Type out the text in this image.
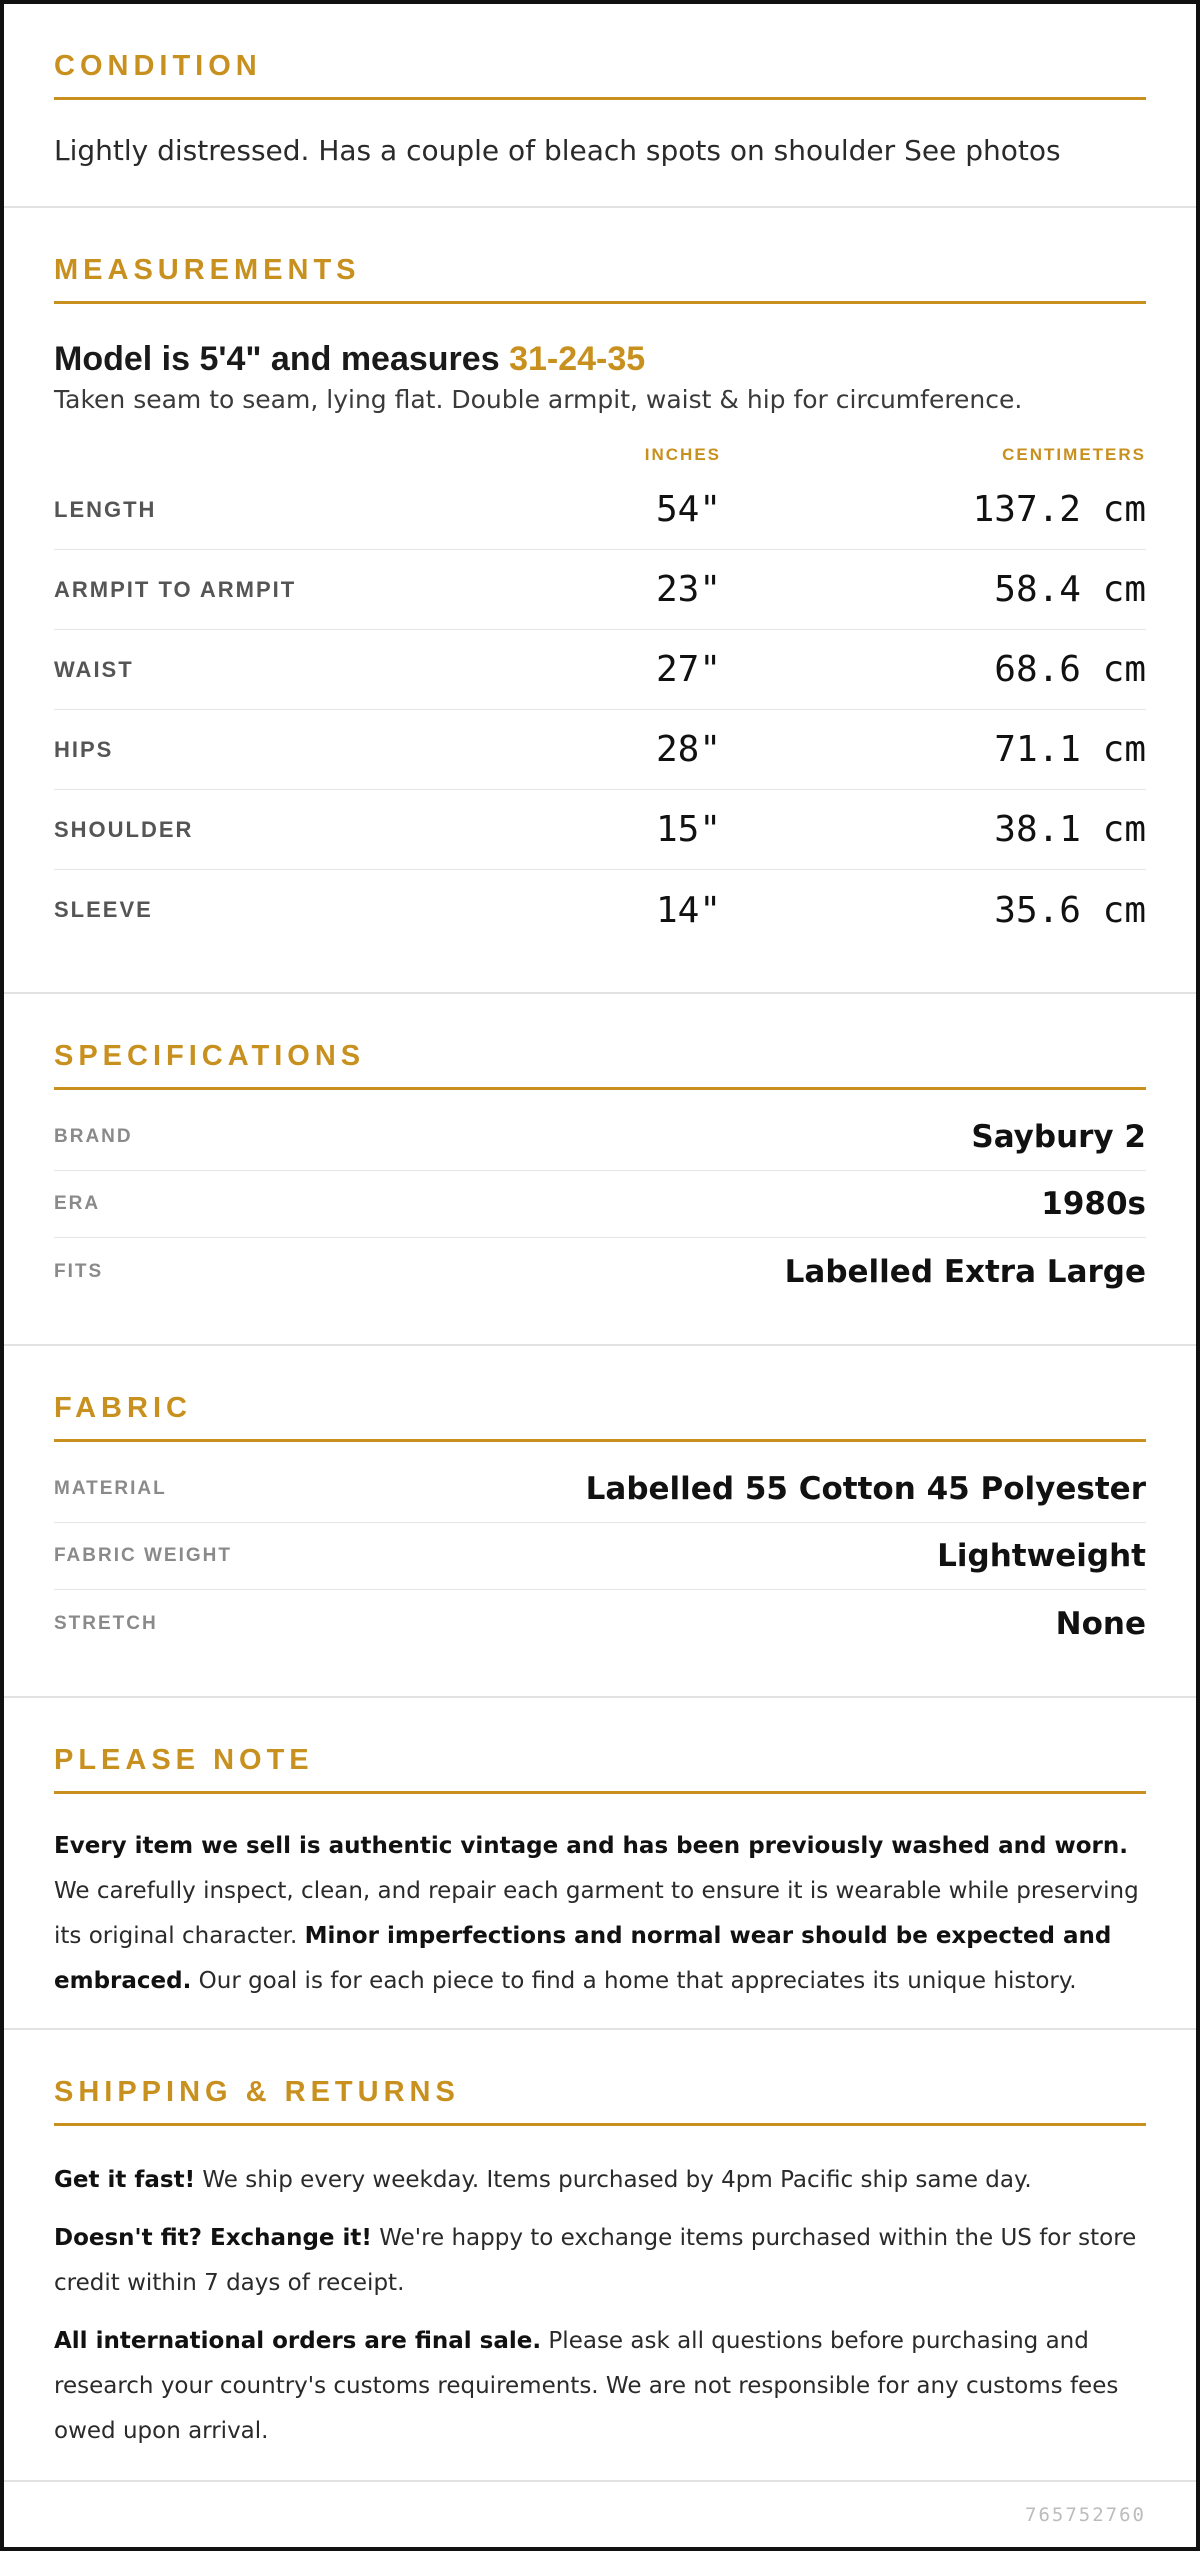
CONDITION

Lightly distressed. Has a couple of bleach spots on shoulder See photos

MEASUREMENTS
Model is 5'4" and measures 31-24-35
Taken seam to seam, lying flat. Double armpit, waist & hip for circumference.
INCHES	CENTIMETERS
LENGTH	54"	137.2 cm
ARMPIT TO ARMPIT	23"	58.4 cm
WAIST	27"	68.6 cm
HIPS	28"	71.1 cm
SHOULDER	15"	38.1 cm
SLEEVE	14"	35.6 cm
SPECIFICATIONS
BRAND	Saybury 2
ERA	1980s
FITS	Labelled Extra Large
FABRIC
MATERIAL	Labelled 55 Cotton 45 Polyester
FABRIC WEIGHT	Lightweight
STRETCH	None
PLEASE NOTE

Every item we sell is authentic vintage and has been previously washed and worn. We carefully inspect, clean, and repair each garment to ensure it is wearable while preserving its original character. Minor imperfections and normal wear should be expected and embraced. Our goal is for each piece to find a home that appreciates its unique history.

SHIPPING & RETURNS

Get it fast! We ship every weekday. Items purchased by 4pm Pacific ship same day.

Doesn't fit? Exchange it! We're happy to exchange items purchased within the US for store credit within 7 days of receipt.

All international orders are final sale. Please ask all questions before purchasing and research your country's customs requirements. We are not responsible for any customs fees owed upon arrival.

765752760
